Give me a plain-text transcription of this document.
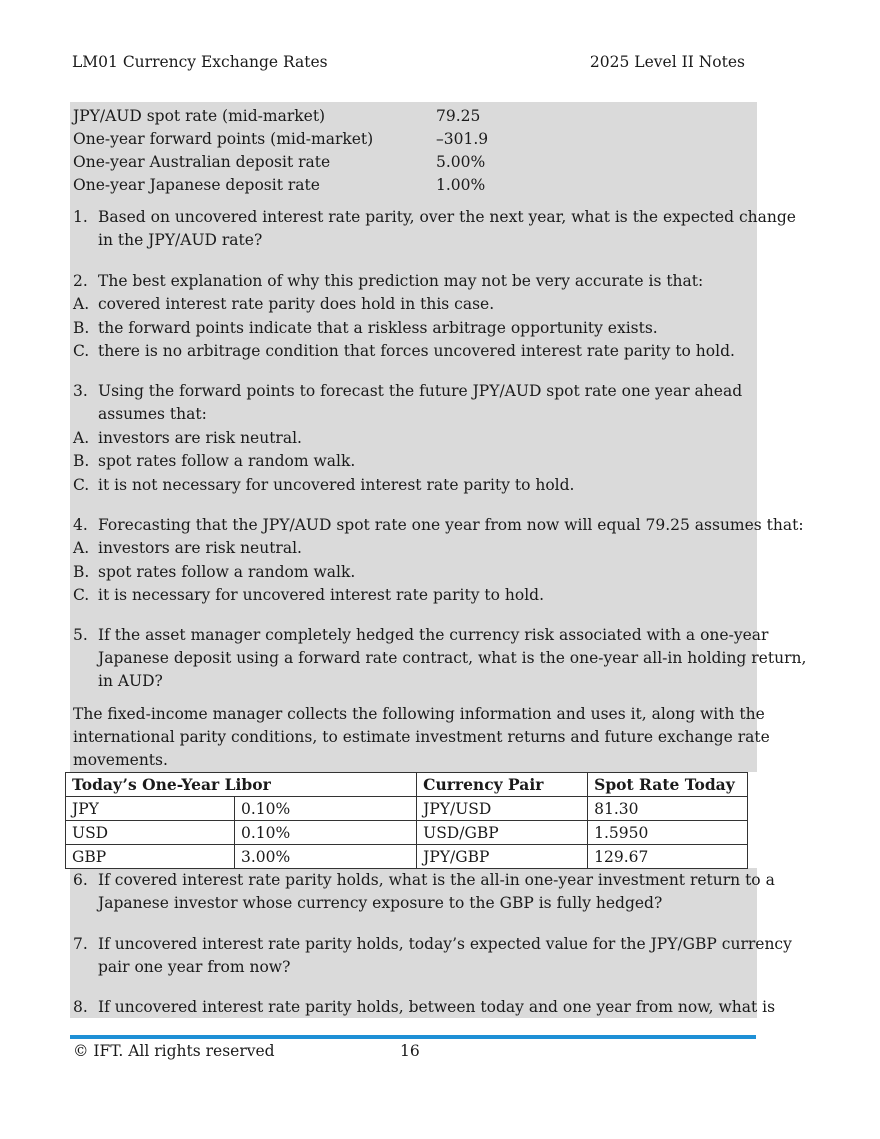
LM01 Currency Exchange Rates	2025 Level II Notes
JPY/AUD spot rate (mid-market)	79.25
One-year forward points (mid-market)	–301.9
One-year Australian deposit rate	5.00%
One-year Japanese deposit rate	1.00%
1. Based on uncovered interest rate parity, over the next year, what is the expected change
in the JPY/AUD rate?
2. The best explanation of why this prediction may not be very accurate is that:
A. covered interest rate parity does hold in this case.
B. the forward points indicate that a riskless arbitrage opportunity exists.
C. there is no arbitrage condition that forces uncovered interest rate parity to hold.
3. Using the forward points to forecast the future JPY/AUD spot rate one year ahead
assumes that:
A. investors are risk neutral.
B. spot rates follow a random walk.
C. it is not necessary for uncovered interest rate parity to hold.
4. Forecasting that the JPY/AUD spot rate one year from now will equal 79.25 assumes that:
A. investors are risk neutral.
B. spot rates follow a random walk.
C. it is necessary for uncovered interest rate parity to hold.
5. If the asset manager completely hedged the currency risk associated with a one-year
Japanese deposit using a forward rate contract, what is the one-year all-in holding return,
in AUD?
The fixed-income manager collects the following information and uses it, along with the
international parity conditions, to estimate investment returns and future exchange rate
movements.
Today’s One-Year Libor		Currency Pair	Spot Rate Today
JPY	0.10%	JPY/USD	81.30
USD	0.10%	USD/GBP	1.5950
GBP	3.00%	JPY/GBP	129.67
6. If covered interest rate parity holds, what is the all-in one-year investment return to a
Japanese investor whose currency exposure to the GBP is fully hedged?
7. If uncovered interest rate parity holds, today’s expected value for the JPY/GBP currency
pair one year from now?
8. If uncovered interest rate parity holds, between today and one year from now, what is
© IFT. All rights reserved	16
